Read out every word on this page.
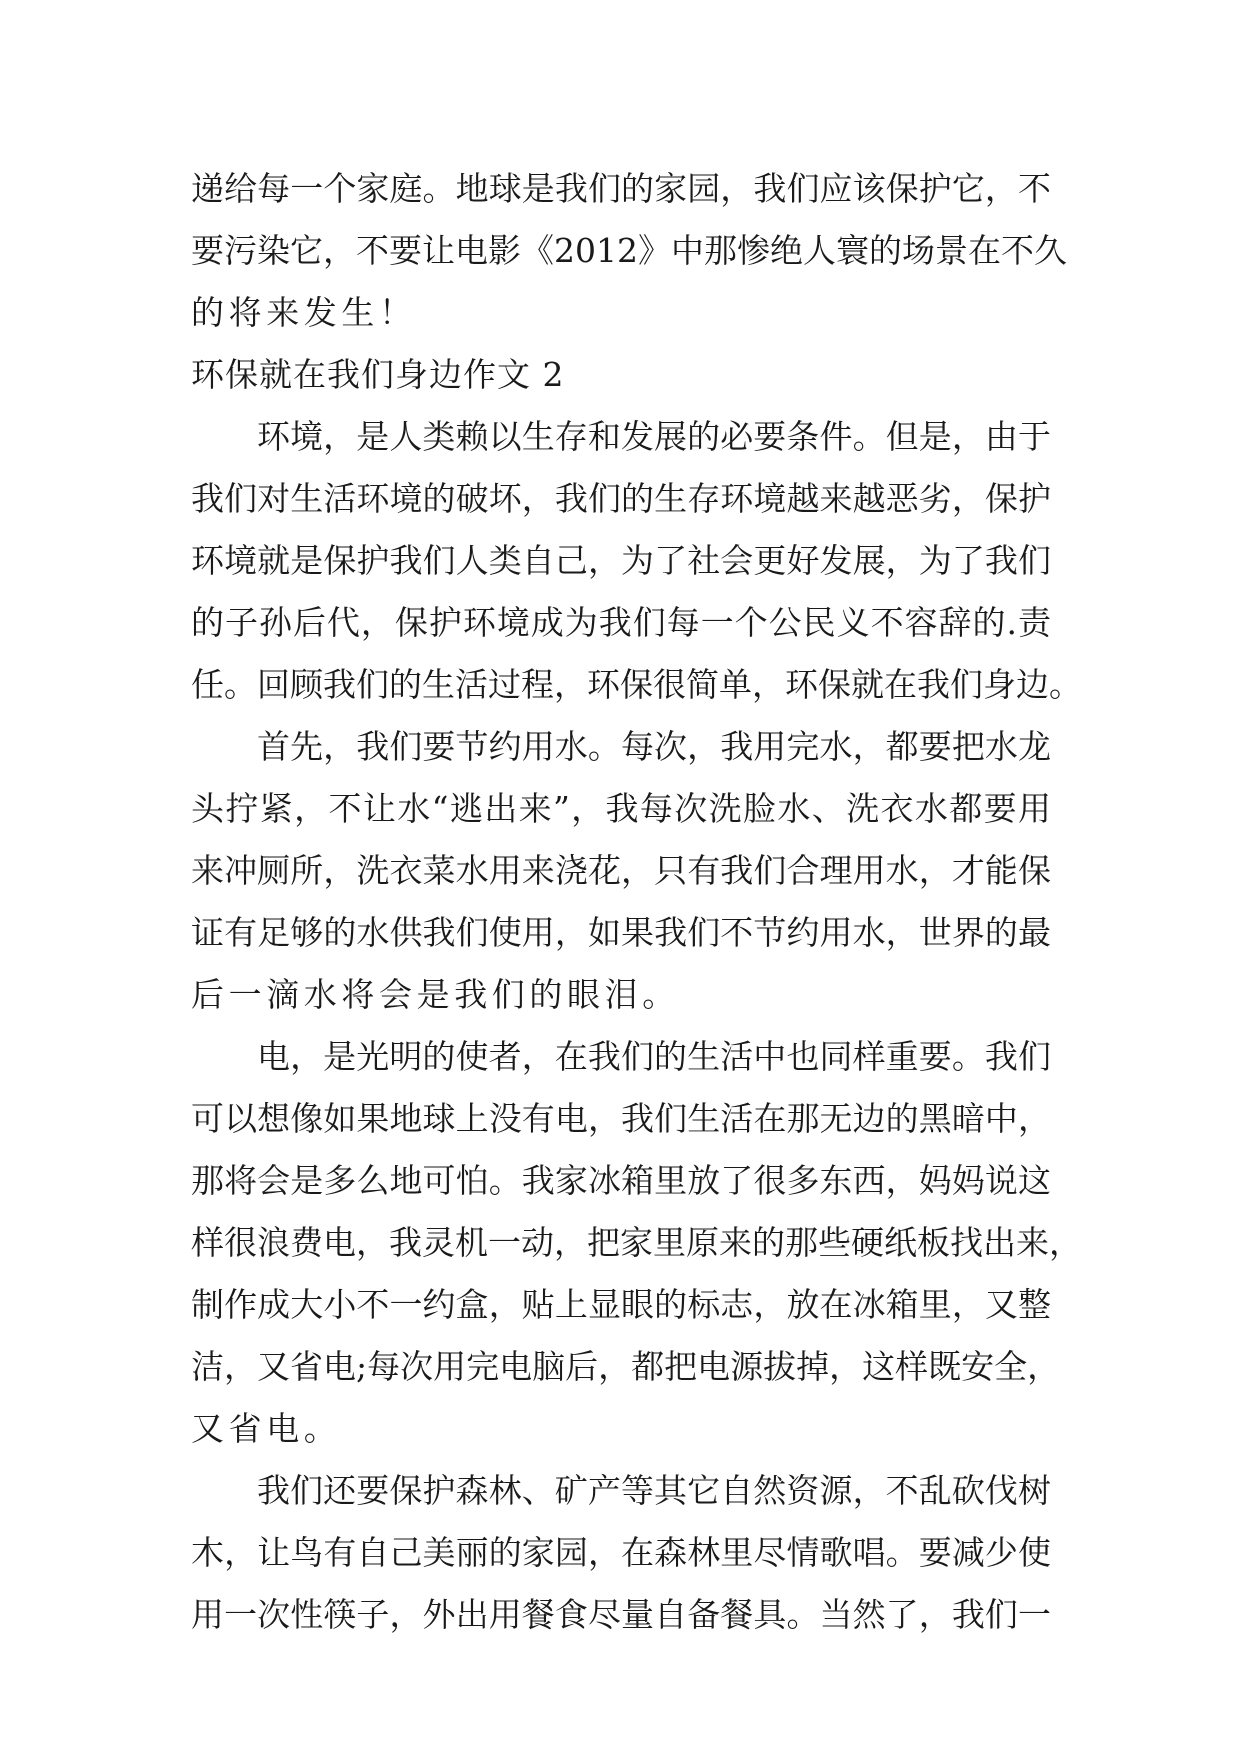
递给每一个家庭。地球是我们的家园，我们应该保护它，不
要污染它，不要让电影《2012》中那惨绝人寰的场景在不久
的将来发生！
环保就在我们身边作文 2
环境，是人类赖以生存和发展的必要条件。但是，由于
我们对生活环境的破坏，我们的生存环境越来越恶劣，保护
环境就是保护我们人类自己，为了社会更好发展，为了我们
的子孙后代，保护环境成为我们每一个公民义不容辞的.责
任。回顾我们的生活过程，环保很简单，环保就在我们身边。
首先，我们要节约用水。每次，我用完水，都要把水龙
头拧紧，不让水“逃出来”，我每次洗脸水、洗衣水都要用
来冲厕所，洗衣菜水用来浇花，只有我们合理用水，才能保
证有足够的水供我们使用，如果我们不节约用水，世界的最
后一滴水将会是我们的眼泪。
电，是光明的使者，在我们的生活中也同样重要。我们
可以想像如果地球上没有电，我们生活在那无边的黑暗中，
那将会是多么地可怕。我家冰箱里放了很多东西，妈妈说这
样很浪费电，我灵机一动，把家里原来的那些硬纸板找出来，
制作成大小不一约盒，贴上显眼的标志，放在冰箱里，又整
洁，又省电;每次用完电脑后，都把电源拔掉，这样既安全，
又省电。
我们还要保护森林、矿产等其它自然资源，不乱砍伐树
木，让鸟有自己美丽的家园，在森林里尽情歌唱。要减少使
用一次性筷子，外出用餐食尽量自备餐具。当然了，我们一
